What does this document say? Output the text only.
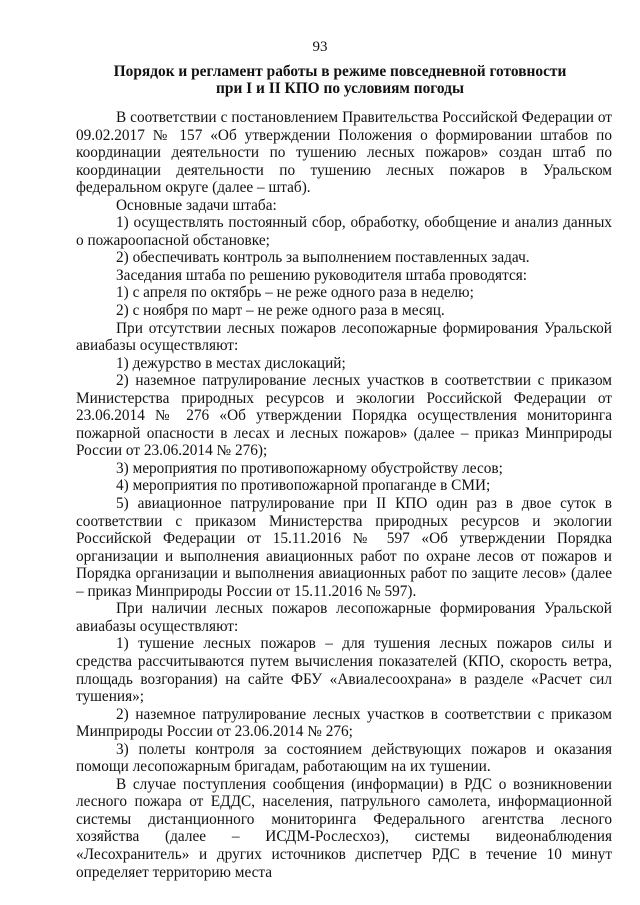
93
Порядок и регламент работы в режиме повседневной готовности
при I и II КПО по условиям погоды

В соответствии с постановлением Правительства Российской Федерации от 09.02.2017 № 157 «Об утверждении Положения о формировании штабов по координации деятельности по тушению лесных пожаров» создан штаб по координации деятельности по тушению лесных пожаров в Уральском федеральном округе (далее – штаб).

Основные задачи штаба:

1) осуществлять постоянный сбор, обработку, обобщение и анализ данных о пожароопасной обстановке;

2) обеспечивать контроль за выполнением поставленных задач.

Заседания штаба по решению руководителя штаба проводятся:

1) с апреля по октябрь – не реже одного раза в неделю;

2) с ноября по март – не реже одного раза в месяц.

При отсутствии лесных пожаров лесопожарные формирования Уральской авиабазы осуществляют:

1) дежурство в местах дислокаций;

2) наземное патрулирование лесных участков в соответствии с приказом Министерства природных ресурсов и экологии Российской Федерации от 23.06.2014 № 276 «Об утверждении Порядка осуществления мониторинга пожарной опасности в лесах и лесных пожаров» (далее – приказ Минприроды России от 23.06.2014 № 276);

3) мероприятия по противопожарному обустройству лесов;

4) мероприятия по противопожарной пропаганде в СМИ;

5) авиационное патрулирование при II КПО один раз в двое суток в соответствии с приказом Министерства природных ресурсов и экологии Российской Федерации от 15.11.2016 № 597 «Об утверждении Порядка организации и выполнения авиационных работ по охране лесов от пожаров и Порядка организации и выполнения авиационных работ по защите лесов» (далее – приказ Минприроды России от 15.11.2016 № 597).

При наличии лесных пожаров лесопожарные формирования Уральской авиабазы осуществляют:

1) тушение лесных пожаров – для тушения лесных пожаров силы и средства рассчитываются путем вычисления показателей (КПО, скорость ветра, площадь возгорания) на сайте ФБУ «Авиалесоохрана» в разделе «Расчет сил тушения»;

2) наземное патрулирование лесных участков в соответствии с приказом Минприроды России от 23.06.2014 № 276;

3) полеты контроля за состоянием действующих пожаров и оказания помощи лесопожарным бригадам, работающим на их тушении.

В случае поступления сообщения (информации) в РДС о возникновении лесного пожара от ЕДДС, населения, патрульного самолета, информационной системы дистанционного мониторинга Федерального агентства лесного хозяйства (далее – ИСДМ-Рослесхоз), системы видеонаблюдения «Лесохранитель» и других источников диспетчер РДС в течение 10 минут определяет территорию места
